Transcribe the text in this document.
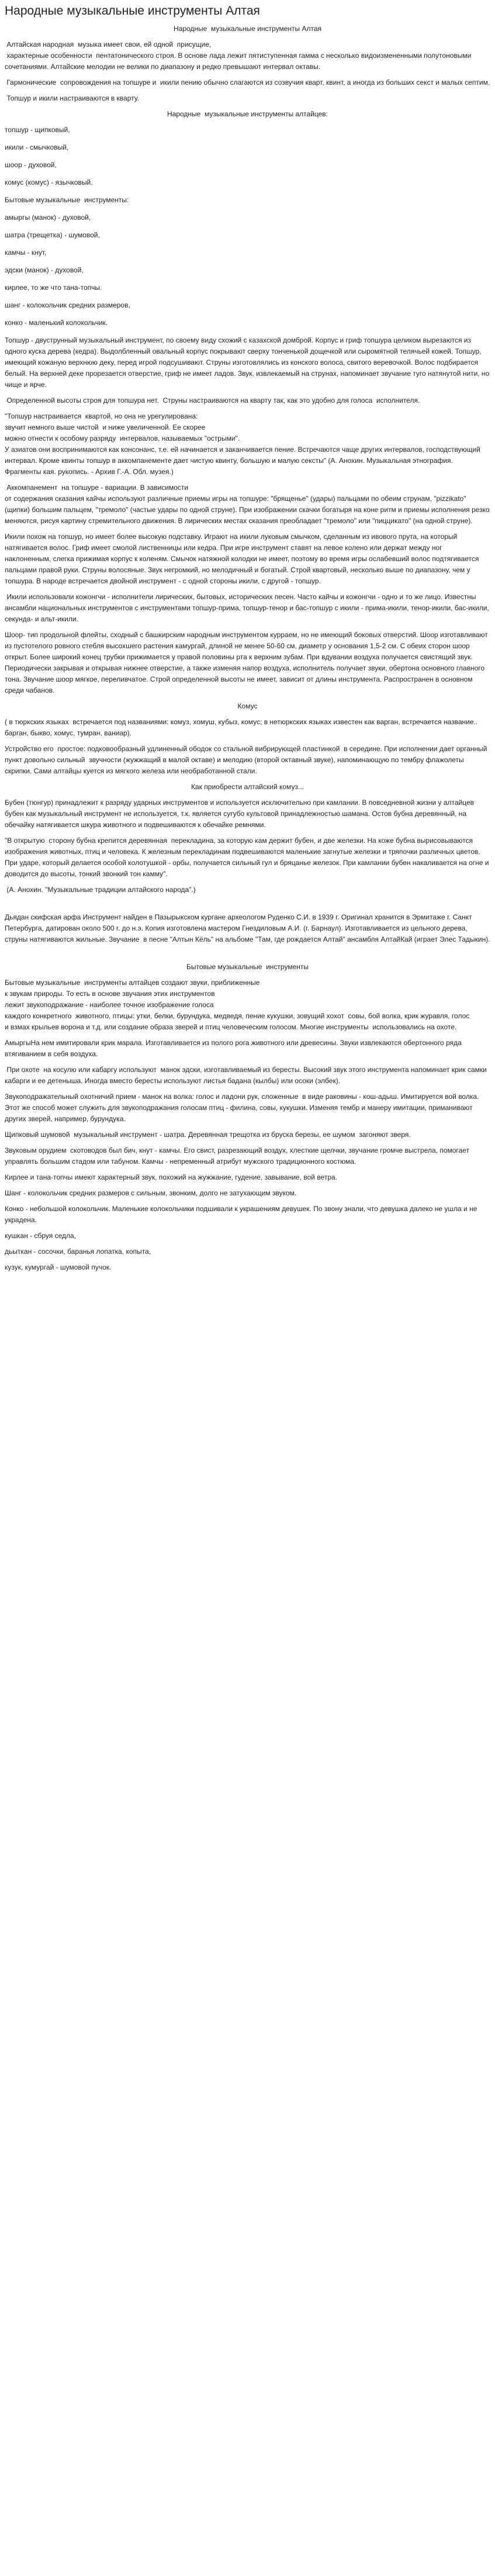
Народные музыкальные инструменты Алтая

Народные  музыкальные инструменты Алтая

Алтайская народная  музыка имеет свои, ей одной  присущие,
характерные особенности  пентатонического строя. В основе лада лежит пятиступенная гамма с несколько видоизмененными полутоновыми сочетаниями. Алтайские мелодии не велики по диапазону и редко превышают интервал октавы.

Гармонические  сопровождения на топшуре и  икили пению обычно слагаются из созвучия кварт, квинт, а иногда из больших секст и малых септим.

Топшур и икили настраиваются в кварту.

Народные  музыкальные инструменты алтайцев:

топшур - щипковый,

икили - смычковый,

шоор - духовой,

комус (комус) - язычковый.

Бытовые музыкальные  инструменты:

амыргы (манок) - духовой,

шатра (трещетка) - шумовой,

камчы - кнут,

эдски (манок) - духовой,

кирлее, то же что тана-топчы.

шанг - колокольчик средних размеров,

конко - маленький колокольчик.

Топшур - двуструнный музыкальный инструмент, по своему виду схожий с казахской домброй. Корпус и гриф топшура целиком вырезаются из одного куска дерева (кедра). Выдолбленный овальный корпус покрывают сверху тонченькой дощечкой или сыромятной телячьей кожей. Топшур, имеющий кожаную верхнюю деку, перед игрой подсушивают. Струны изготовлялись из конского волоса, свитого веревочкой. Волос подбирается белый. На верхней деке прорезается отверстие, гриф не имеет ладов. Звук, извлекаемый на струнах, напоминает звучание туго натянутой нити, но чище и ярче.

Определенной высоты строя для топшура нет.  Струны настраиваются на кварту так, как это удобно для голоса  исполнителя.

"Топшур настраивается  квартой, но она не урегулирована:
звучит немного выше чистой  и ниже увеличенной. Ее скорее
можно отнести к особому разряду  интервалов, называемых "острыми".
У азиатов они воспринимаются как консонанс, т.е. ей начинается и заканчивается пение. Встречаются чаще других интервалов, господствующий интервал. Кроме квинты топшур в аккомпанементе дает чистую квинту, большую и малую сексты" (А. Анохин. Музыкальная этнография. Фрагменты кая. рукопись. - Архив Г.-А. Обл. музея.)

Аккомпанемент  на топшуре - вариации. В зависимости
от содержания сказания кайчы используют различные приемы игры на топшуре: "брященье" (удары) пальцами по обеим струнам, "pizzikato" (щипки) большим пальцем, "тремоло" (частые удары по одной струне). При изображении скачки богатыря на коне ритм и приемы исполнения резко меняются, рисуя картину стремительного движения. В лирических местах сказания преобладает "тремоло" или "пиццикато" (на одной струне).

Икили похож на топшур, но имеет более высокую подставку. Играют на икили луковым смычком, сделанным из ивового прута, на который натягивается волос. Гриф имеет смолой лиственницы или кедра. При игре инструмент ставят на левое колено или держат между ног наклоненным, слегка прижимая корпус к коленям. Смычок натяжной колодки не имеет, поэтому во время игры ослабевший волос подтягивается пальцами правой руки. Струны волосяные. Звук негромкий, но мелодичный и богатый. Строй квартовый, несколько выше по диапазону, чем у топшура. В народе встречается двойной инструмент - с одной стороны икили, с другой - топшур.

Икили использовали кожонгчи - исполнители лирических, бытовых, исторических песен. Часто кайчы и кожонгчи - одно и то же лицо. Известны ансамбли национальных инструментов с инструментами топшур-прима, топшур-тенор и бас-топшур с икили - прима-икили, тенор-икили, бас-икили, секунда- и альт-икили.

Шоор- тип продольной флейты, сходный с башкирским народным инструментом курраем, но не имеющий боковых отверстий. Шоор изготавливают из пустотелого ровного стебля высохшего растения камургай, длиной не менее 50-60 см, диаметр у основания 1,5-2 см. С обеих сторон шоор открыт. Более широкий конец трубки прижимается у правой половины рта к верхним зубам. При вдувании воздуха получается свистящий звук. Периодически закрывая и открывая нижнее отверстие, а также изменяя напор воздуха, исполнитель получает звуки, обертона основного главного тона. Звучание шоор мягкое, переливчатое. Строй определенной высоты не имеет, зависит от длины инструмента. Распространен в основном среди чабанов.

Комус

( в тюркских языках  встречается под названиями: комуз, хомуш, кубыз, комус; в нетюркских языках известен как варган, встречается название.. барган, быкво, хомус, тумран, ваниар).

Устройство его  простое: подковообразный удлиненный ободок со стальной вибрирующей пластинкой  в середине. При исполнении дает органный
пункт довольно сильный  звучности (жужжащий в малой октаве) и мелодию (второй октавный звуке), напоминающую по тембру флажолеты скрипки. Сами алтайцы куется из мягкого железа или необработанной стали.

Как приобрести алтайский комуз...

Бубен (тюнгур) принадлежит к разряду ударных инструментов и используется исключительно при камлании. В повседневной жизни у алтайцев бубен как музыкальный инструмент не используется, т.к. является сугубо культовой принадлежностью шамана. Остов бубна деревянный, на обечайку натягивается шкура животного и подвешиваются к обечайке ремнями.

"В открытую  сторону бубна крепится деревянная  перекладина, за которую кам держит бубен, и две железки. На коже бубна вырисовываются изображения животных, птиц и человека. К железным перекладинам подвешиваются маленькие загнутые железки и тряпочки различных цветов. При ударе, который делается особой колотушкой - орбы, получается сильный гул и бряцанье железок. При камлании бубен накаливается на огне и доводится до высоты, тонкий звонкий тон камму".

(А. Анохин. "Музыкальные традиции алтайского народа".)

Дьядан скифская арфа Инструмент найден в Пазырыкском кургане археологом Руденко С.И. в 1939 г. Оригинал хранится в Эрмитаже г. Санкт Петербурга, датирован около 500 г. до н.э. Копия изготовлена мастером Гнездиловым А.И. (г. Барнаул). Изготавливается из цельного дерева, струны натягиваются жильные. Звучание  в песне "Алтын Кёль" на альбоме "Там, где рождается Алтай" ансамбля АлтайКай (играет Элес Тадыкин).

Бытовые музыкальные  инструменты

Бытовые музыкальные  инструменты алтайцев создают звуки, приближенные
к звукам природы. То есть в основе звучания этих инструментов
лежит звукоподражание - наиболее точное изображение голоса
каждого конкретного  животного, птицы: утки, белки, бурундука, медведя, пение кукушки, зовущий хохот  совы, бой волка, крик журавля, голос
и взмах крыльев ворона и т.д. или создание образа зверей и птиц человеческим голосом. Многие инструменты  использовались на охоте.

АмыргыНа нем имитировали крик марала. Изготавливается из полого рога животного или древесины. Звуки извлекаются обертонного ряда втягиванием в себя воздуха.

При охоте  на косулю или кабаргу используют  манок эдски, изготавливаемый из бересты. Высокий звук этого инструмента напоминает крик самки кабарги и ее детеныша. Иногда вместо бересты используют листья бадана (кылбы) или осоки (элбек).

Звукоподражательный охотничий прием - манок на волка: голос и ладони рук, сложенные  в виде раковины - кош-адыш. Имитируется вой волка.  Этот же способ может служить для звукоподражания голосам птиц - филина, совы, кукушки. Изменяя тембр и манеру имитации, приманивают других зверей, например, бурундука.

Щипковый шумовой  музыкальный инструмент - шатра. Деревянная трещотка из бруска березы, ее шумом  загоняют зверя.

Звуковым орудием  скотоводов был бич, кнут - камчы. Его свист, разрезающий воздух, хлесткие щелчки, звучание громче выстрела, помогает управлять большим стадом или табуном. Камчы - непременный атрибут мужского традиционного костюма.

Кирлее и тана-топчы имеют характерный звук, похожий на жужжание, гудение, завывание, вой ветра.

Шанг - колокольчик средних размеров с сильным, звонким, долго не затухающим звуком.

Конко - небольшой колокольчик. Маленькие колокольчики подшивали к украшениям девушек. По звону знали, что девушка далеко не ушла и не украдена.

кушкан - сбруя седла,

дьыткан - сосочки, баранья лопатка, копыта,

кузук, кумургай - шумовой пучок.
